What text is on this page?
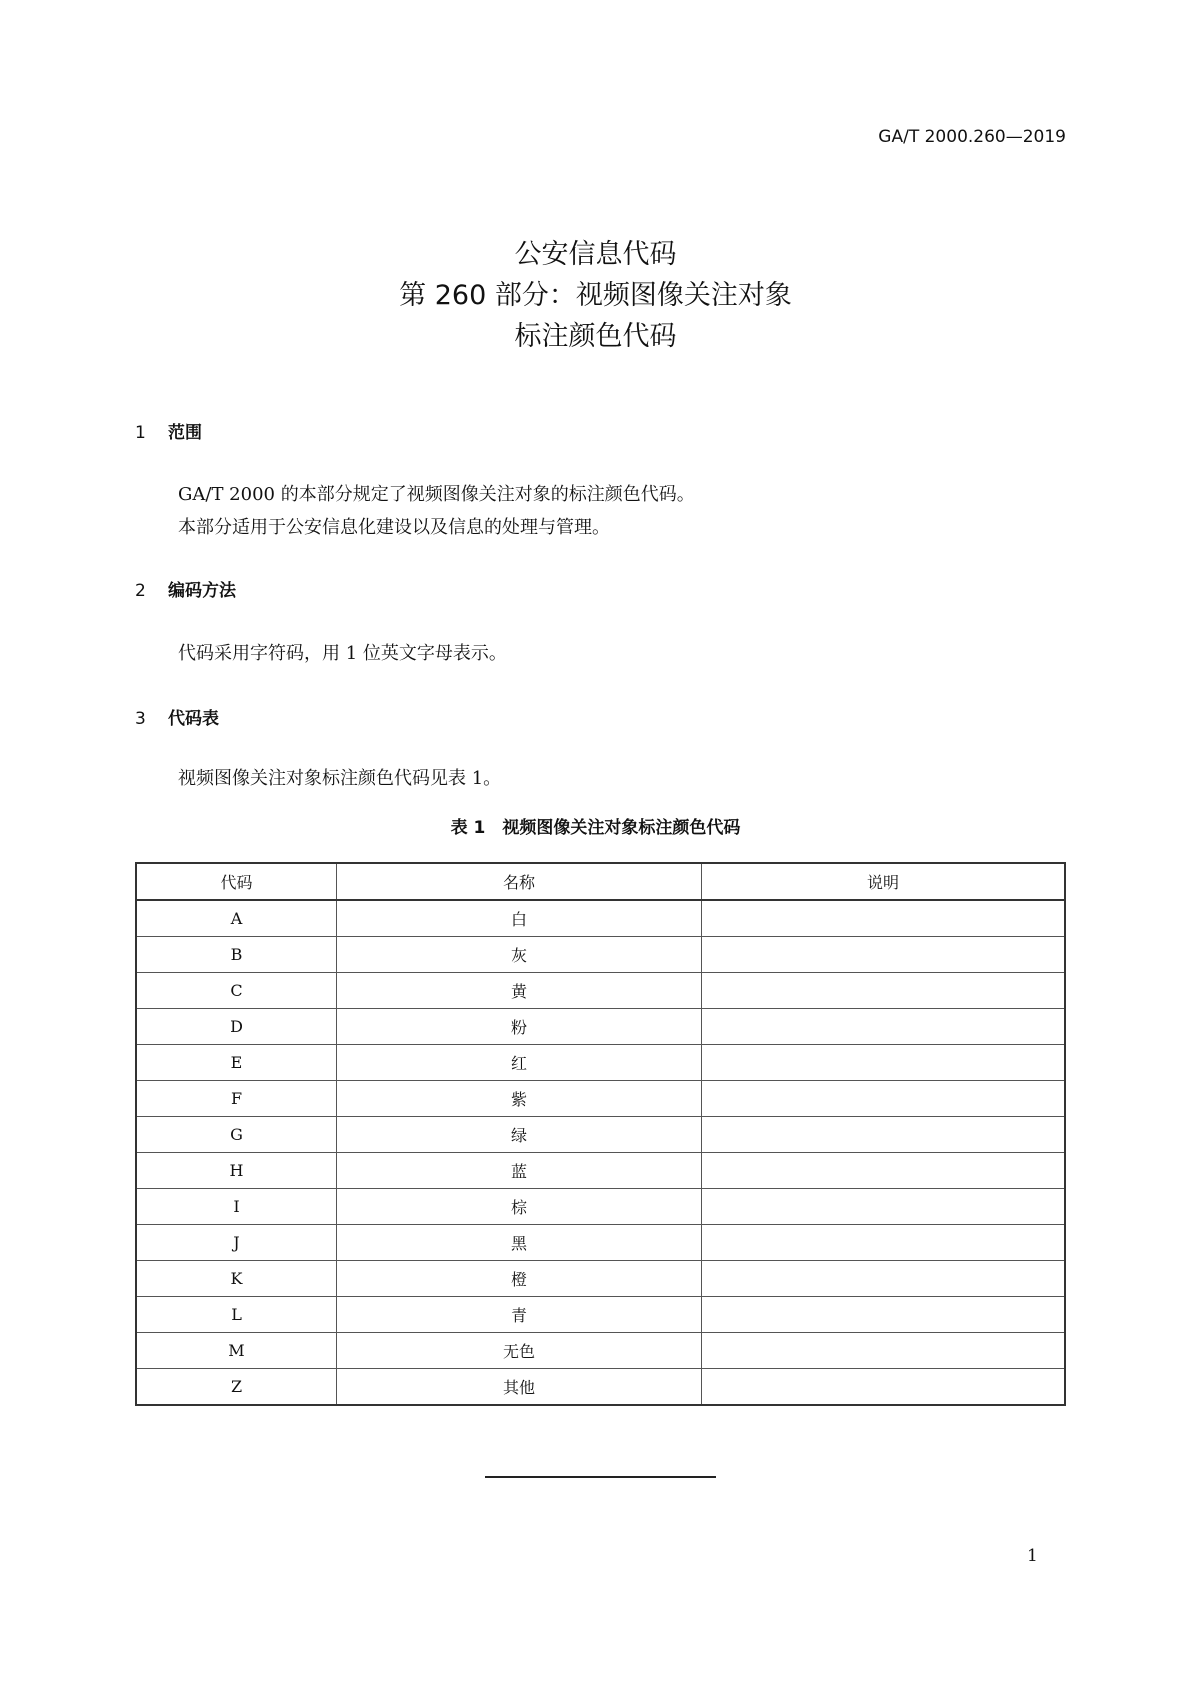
GA/T 2000.260—2019
公安信息代码
第 260 部分：视频图像关注对象
标注颜色代码
1 范围
GA/T 2000 的本部分规定了视频图像关注对象的标注颜色代码。
本部分适用于公安信息化建设以及信息的处理与管理。
2 编码方法
代码采用字符码，用 1 位英文字母表示。
3 代码表
视频图像关注对象标注颜色代码见表 1。
表 1　视频图像关注对象标注颜色代码
代码	名称	说明
A	白	
B	灰	
C	黄	
D	粉	
E	红	
F	紫	
G	绿	
H	蓝	
I	棕	
J	黑	
K	橙	
L	青	
M	无色	
Z	其他	
1
